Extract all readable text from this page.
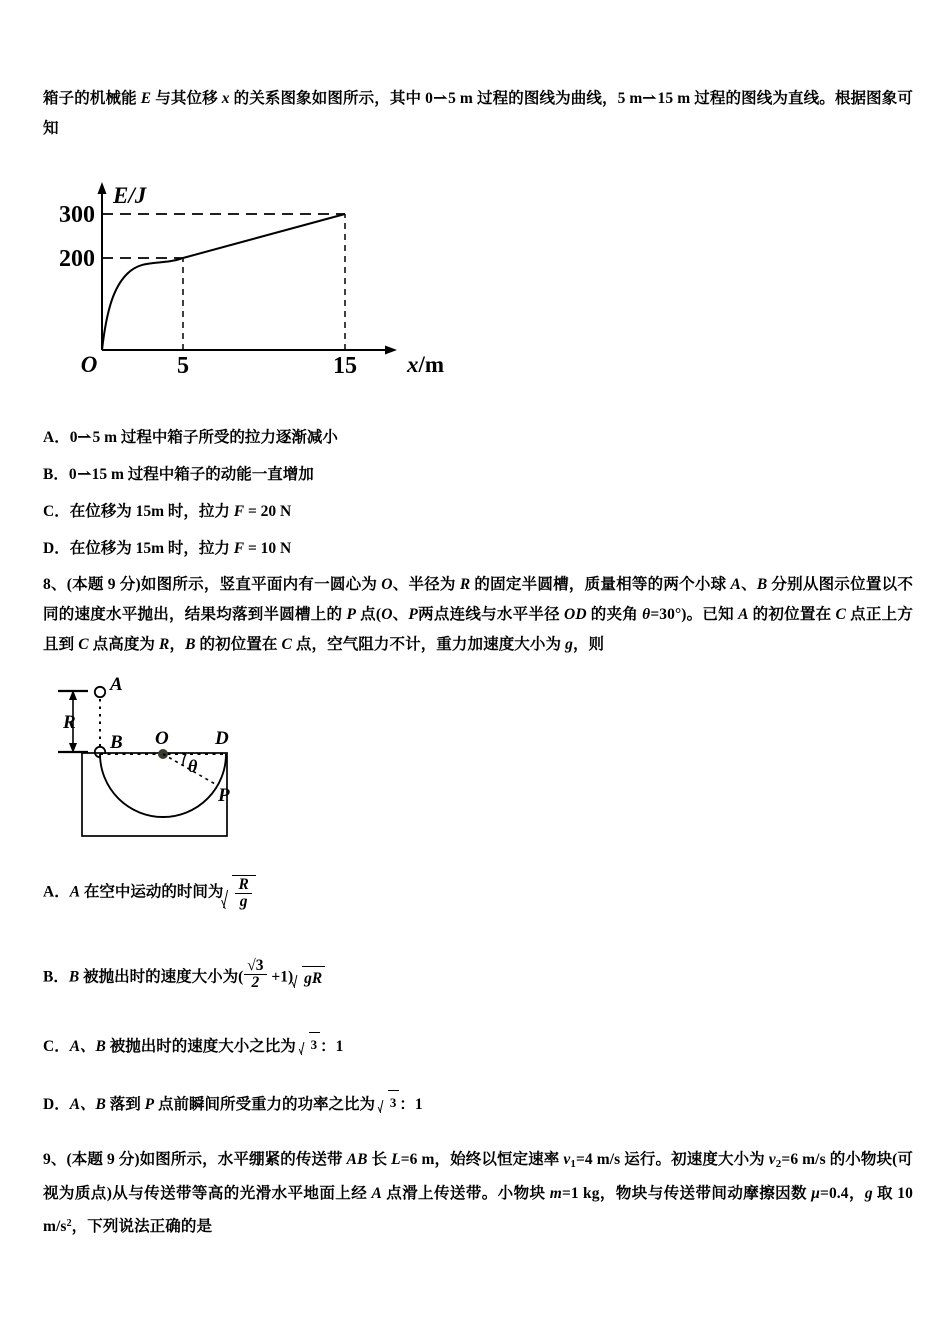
箱子的机械能 E 与其位移 x 的关系图象如图所示，其中 0⇀5 m 过程的图线为曲线，5 m⇀15 m 过程的图线为直线。根据图象可知
300
200
5	15
O
E/J
x/m
A．0⇀5 m 过程中箱子所受的拉力逐渐减小
B．0⇀15 m 过程中箱子的动能一直增加
C．在位移为 15m 时，拉力 F = 20 N
D．在位移为 15m 时，拉力 F = 10 N
8、(本题 9 分)如图所示，竖直平面内有一圆心为 O、半径为 R 的固定半圆槽，质量相等的两个小球 A、B 分别从图示位置以不同的速度水平抛出，结果均落到半圆槽上的 P 点(O、P两点连线与水平半径 OD 的夹角 θ=30°)。已知 A 的初位置在 C 点正上方且到 C 点高度为 R，B 的初位置在 C 点，空气阻力不计，重力加速度大小为 g，则
R
A
B O D
θ
P
A．A 在空中运动的时间为 $\frac{R}{g}$
B．B 被抛出时的速度大小为( $\frac{√3}{2} +1$) gR
C．A、B 被抛出时的速度大小之比为 3 ：1
D．A、B 落到 P 点前瞬间所受重力的功率之比为 3 ：1
9、(本题 9 分)如图所示，水平绷紧的传送带 AB 长 L=6 m，始终以恒定速率 $v_1=4$ m/s 运行。初速度大小为 $v_2=6$ m/s 的小物块(可视为质点)从与传送带等高的光滑水平地面上经 A 点滑上传送带。小物块 m=1 kg，物块与传送带间动摩擦因数 μ=0.4，g 取 10 $m/s^2$，下列说法正确的是
